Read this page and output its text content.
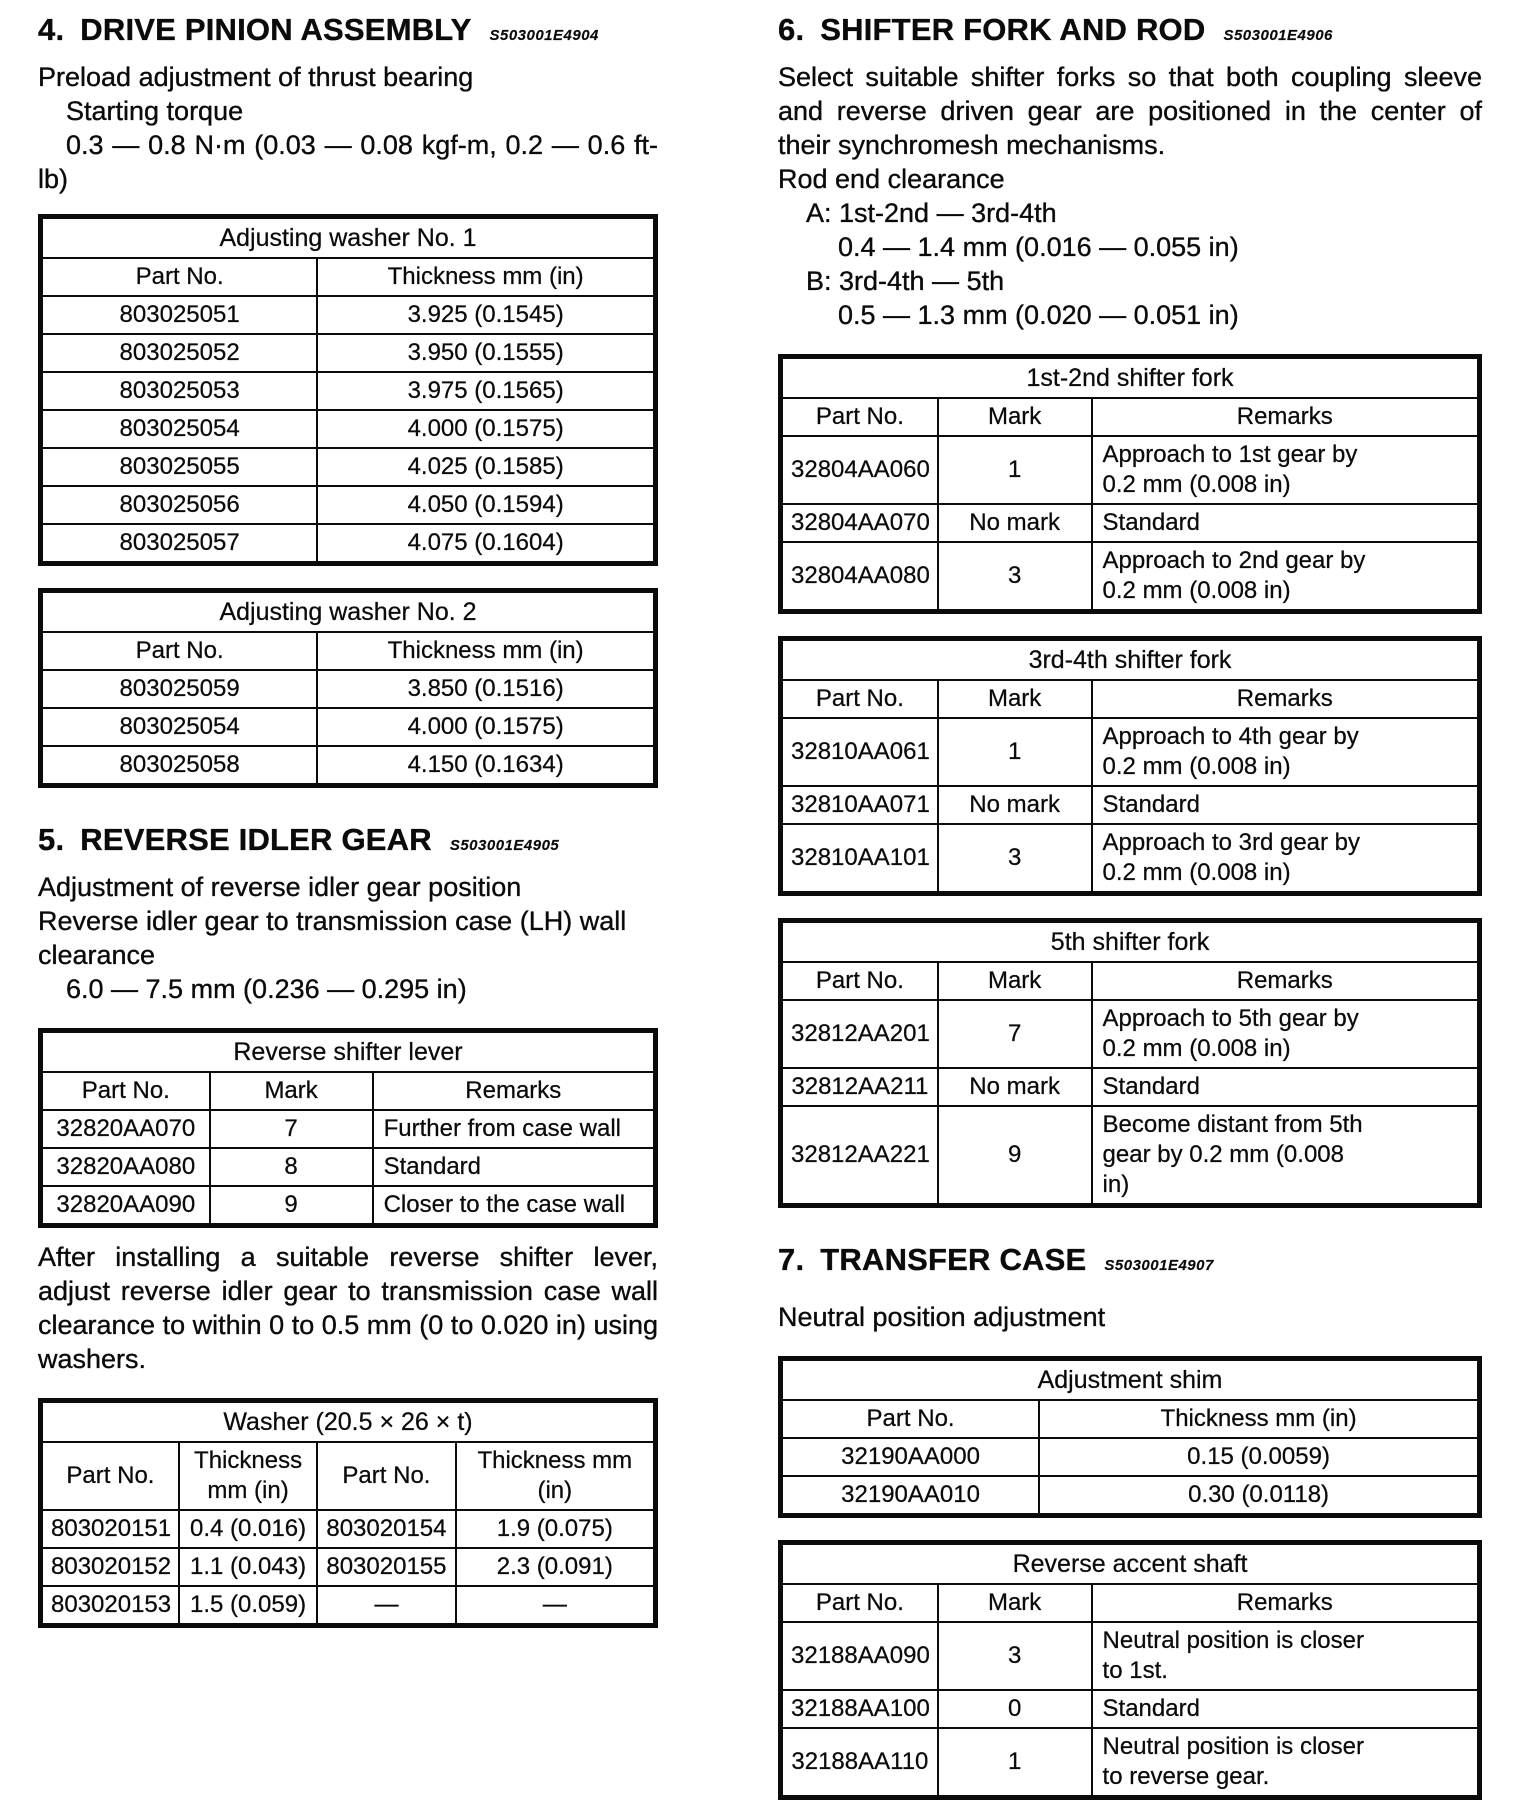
4. DRIVE PINION ASSEMBLY S503001E4904

Preload adjustment of thrust bearing

Starting torque

0.3 — 0.8 N·m (0.03 — 0.08 kgf-m, 0.2 — 0.6 ft-lb)

Adjusting washer No. 1	
Part No.	Thickness mm (in)
803025051	3.925 (0.1545)
803025052	3.950 (0.1555)
803025053	3.975 (0.1565)
803025054	4.000 (0.1575)
803025055	4.025 (0.1585)
803025056	4.050 (0.1594)
803025057	4.075 (0.1604)
Adjusting washer No. 2	
Part No.	Thickness mm (in)
803025059	3.850 (0.1516)
803025054	4.000 (0.1575)
803025058	4.150 (0.1634)
5. REVERSE IDLER GEAR S503001E4905

Adjustment of reverse idler gear position

Reverse idler gear to transmission case (LH) wall clearance

6.0 — 7.5 mm (0.236 — 0.295 in)

Reverse shifter lever		
Part No.	Mark	Remarks
32820AA070	7	Further from case wall
32820AA080	8	Standard
32820AA090	9	Closer to the case wall

After installing a suitable reverse shifter lever, adjust reverse idler gear to transmission case wall clearance to within 0 to 0.5 mm (0 to 0.020 in) using washers.

Washer (20.5 × 26 × t)			
Part No.	Thickness mm (in)	Part No.	Thickness mm (in)
803020151	0.4 (0.016)	803020154	1.9 (0.075)
803020152	1.1 (0.043)	803020155	2.3 (0.091)
803020153	1.5 (0.059)	—	—
6. SHIFTER FORK AND ROD S503001E4906

Select suitable shifter forks so that both coupling sleeve and reverse driven gear are positioned in the center of their synchromesh mechanisms.

Rod end clearance

A: 1st-2nd — 3rd-4th

0.4 — 1.4 mm (0.016 — 0.055 in)

B: 3rd-4th — 5th

0.5 — 1.3 mm (0.020 — 0.051 in)

1st-2nd shifter fork		
Part No.	Mark	Remarks
32804AA060	1	Approach to 1st gear by 0.2 mm (0.008 in)
32804AA070	No mark	Standard
32804AA080	3	Approach to 2nd gear by 0.2 mm (0.008 in)
3rd-4th shifter fork		
Part No.	Mark	Remarks
32810AA061	1	Approach to 4th gear by 0.2 mm (0.008 in)
32810AA071	No mark	Standard
32810AA101	3	Approach to 3rd gear by 0.2 mm (0.008 in)
5th shifter fork		
Part No.	Mark	Remarks
32812AA201	7	Approach to 5th gear by 0.2 mm (0.008 in)
32812AA211	No mark	Standard
32812AA221	9	Become distant from 5th gear by 0.2 mm (0.008 in)
7. TRANSFER CASE S503001E4907

Neutral position adjustment

Adjustment shim	
Part No.	Thickness mm (in)
32190AA000	0.15 (0.0059)
32190AA010	0.30 (0.0118)
Reverse accent shaft		
Part No.	Mark	Remarks
32188AA090	3	Neutral position is closer to 1st.
32188AA100	0	Standard
32188AA110	1	Neutral position is closer to reverse gear.
